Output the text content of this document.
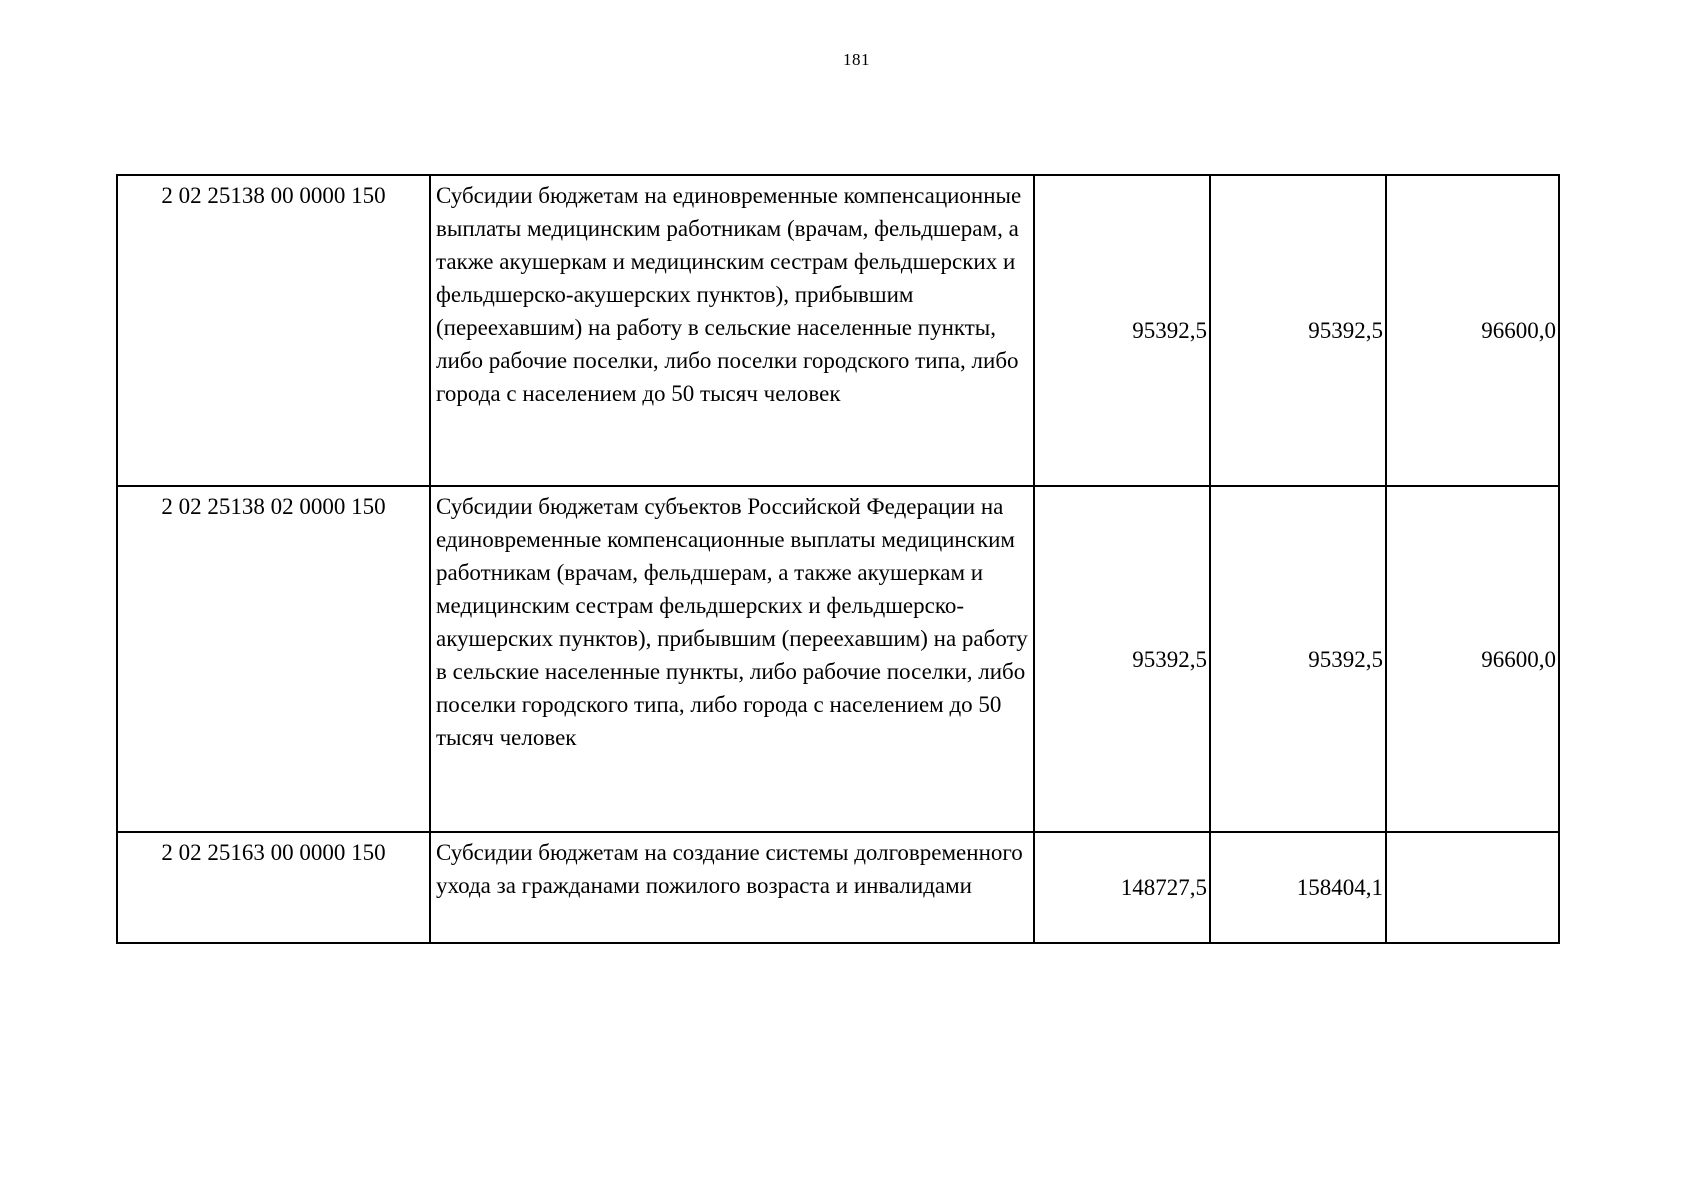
181
2 02 25138 00 0000 150	Субсидии бюджетам на единовременные компенсационные выплаты медицинским работникам (врачам, фельдшерам, а также акушеркам и медицинским сестрам фельдшерских и фельдшерско-акушерских пунктов), прибывшим (переехавшим) на работу в сельские населенные пункты, либо рабочие поселки, либо поселки городского типа, либо города с населением до 50 тысяч человек	95392,5	95392,5	96600,0
2 02 25138 02 0000 150	Субсидии бюджетам субъектов Российской Федерации на единовременные компенсационные выплаты медицинским работникам (врачам, фельдшерам, а также акушеркам и медицинским сестрам фельдшерских и фельдшерско-акушерских пунктов), прибывшим (переехавшим) на работу в сельские населенные пункты, либо рабочие поселки, либо поселки городского типа, либо города с населением до 50 тысяч человек	95392,5	95392,5	96600,0
2 02 25163 00 0000 150	Субсидии бюджетам на создание системы долговременного ухода за гражданами пожилого возраста и инвалидами	148727,5	158404,1	
